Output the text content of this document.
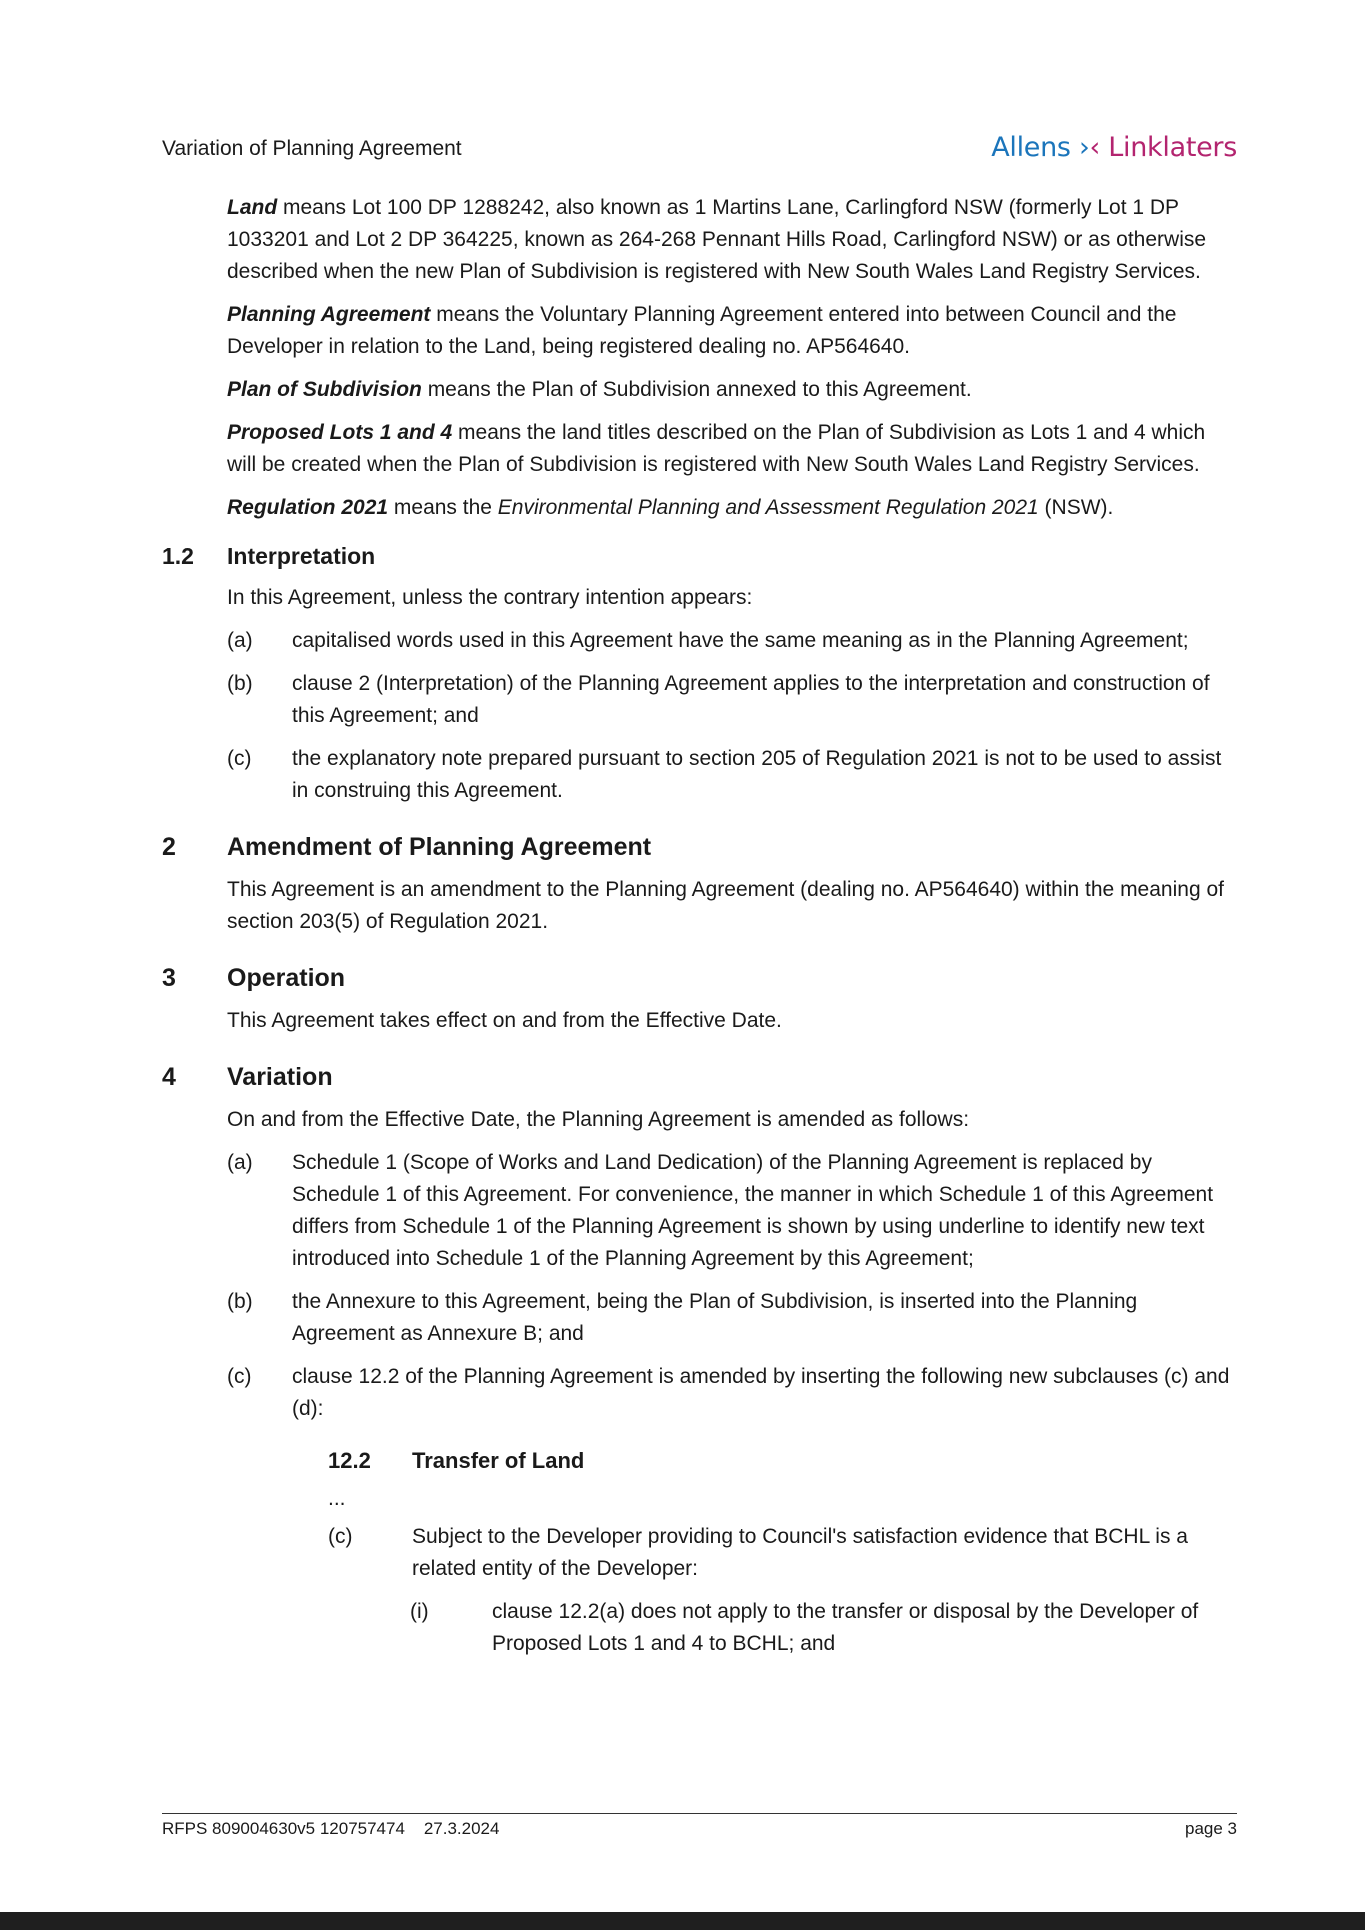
Variation of Planning Agreement	Allens ›‹ Linklaters

Land means Lot 100 DP 1288242, also known as 1 Martins Lane, Carlingford NSW (formerly Lot 1 DP 1033201 and Lot 2 DP 364225, known as 264-268 Pennant Hills Road, Carlingford NSW) or as otherwise described when the new Plan of Subdivision is registered with New South Wales Land Registry Services.

Planning Agreement means the Voluntary Planning Agreement entered into between Council and the Developer in relation to the Land, being registered dealing no. AP564640.

Plan of Subdivision means the Plan of Subdivision annexed to this Agreement.

Proposed Lots 1 and 4 means the land titles described on the Plan of Subdivision as Lots 1 and 4 which will be created when the Plan of Subdivision is registered with New South Wales Land Registry Services.

Regulation 2021 means the Environmental Planning and Assessment Regulation 2021 (NSW).

1.2 Interpretation

In this Agreement, unless the contrary intention appears:

(a) capitalised words used in this Agreement have the same meaning as in the Planning Agreement;
(b) clause 2 (Interpretation) of the Planning Agreement applies to the interpretation and construction of this Agreement; and
(c) the explanatory note prepared pursuant to section 205 of Regulation 2021 is not to be used to assist in construing this Agreement.
2 Amendment of Planning Agreement

This Agreement is an amendment to the Planning Agreement (dealing no. AP564640) within the meaning of section 203(5) of Regulation 2021.

3 Operation

This Agreement takes effect on and from the Effective Date.

4 Variation

On and from the Effective Date, the Planning Agreement is amended as follows:

(a) Schedule 1 (Scope of Works and Land Dedication) of the Planning Agreement is replaced by Schedule 1 of this Agreement. For convenience, the manner in which Schedule 1 of this Agreement differs from Schedule 1 of the Planning Agreement is shown by using underline to identify new text introduced into Schedule 1 of the Planning Agreement by this Agreement;
(b) the Annexure to this Agreement, being the Plan of Subdivision, is inserted into the Planning Agreement as Annexure B; and
(c) clause 12.2 of the Planning Agreement is amended by inserting the following new subclauses (c) and (d):
12.2 Transfer of Land
...
(c)	Subject to the Developer providing to Council's satisfaction evidence that BCHL is a related entity of the Developer:
(i)	clause 12.2(a) does not apply to the transfer or disposal by the Developer of Proposed Lots 1 and 4 to BCHL; and
RFPS 809004630v5 120757474    27.3.2024	page 3
